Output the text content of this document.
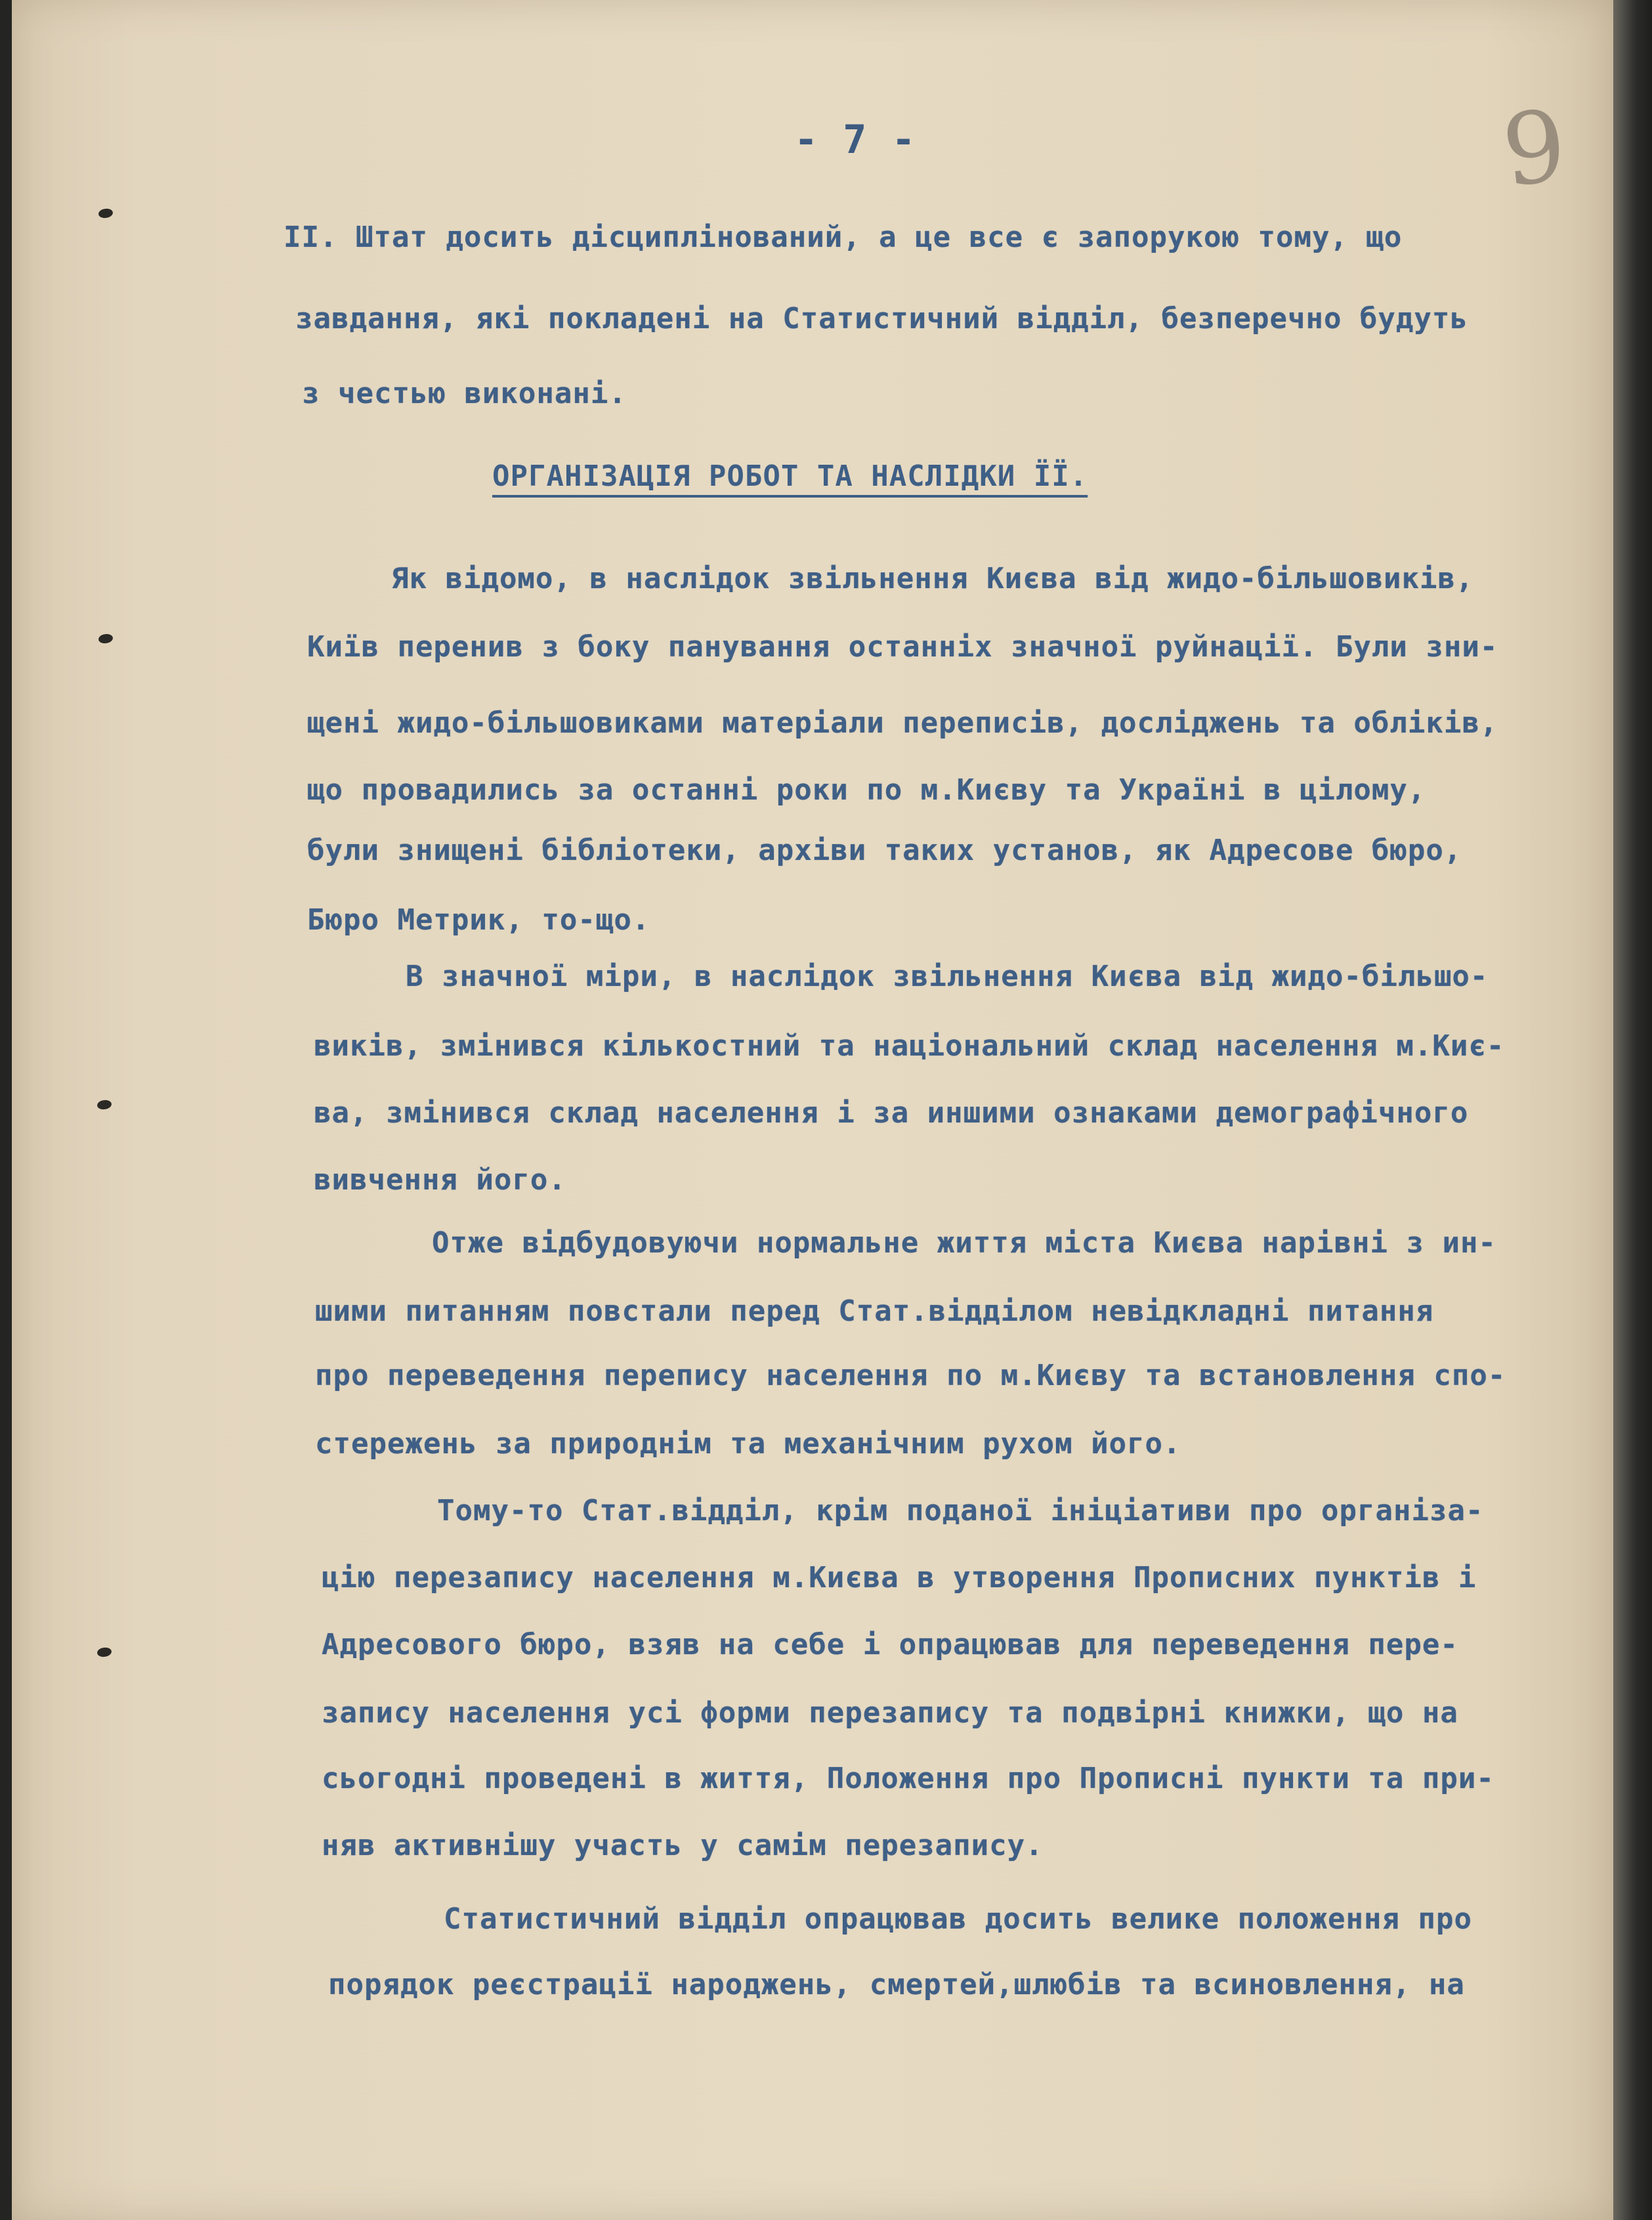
- 7 -	9
ІІ. Штат досить дісциплінований, а це все є запорукою тому, що
завдання, які покладені на Статистичний відділ, безперечно будуть
з честью виконані.
ОРГАНІЗАЦІЯ РОБОТ ТА НАСЛІДКИ ЇЇ.
Як відомо, в наслідок звільнення Києва від жидо-більшовиків,
Київ перенив з боку панування останніх значної руйнації. Були зни-
щені жидо-більшовиками матеріали переписів, досліджень та обліків,
що провадились за останні роки по м.Києву та Україні в цілому,
були знищені бібліотеки, архіви таких установ, як Адресове бюро,
Бюро Метрик, то-що.
В значної міри, в наслідок звільнення Києва від жидо-більшо-
виків, змінився кількостний та національний склад населення м.Киє-
ва, змінився склад населення і за иншими ознаками демографічного
вивчення його.
Отже відбудовуючи нормальне життя міста Києва нарівні з ин-
шими питанням повстали перед Стат.відділом невідкладні питання
про переведення перепису населення по м.Києву та встановлення спо-
стережень за природнім та механічним рухом його.
Тому-то Стат.відділ, крім поданої ініціативи про організа-
цію перезапису населення м.Києва в утворення Прописних пунктів і
Адресового бюро, взяв на себе і опрацював для переведення пере-
запису населення усі форми перезапису та подвірні книжки, що на
сьогодні проведені в життя, Положення про Прописні пункти та при-
няв активнішу участь у самім перезапису.
Статистичний відділ опрацював досить велике положення про
порядок реєстрації народжень, смертей,шлюбів та всиновлення, на
